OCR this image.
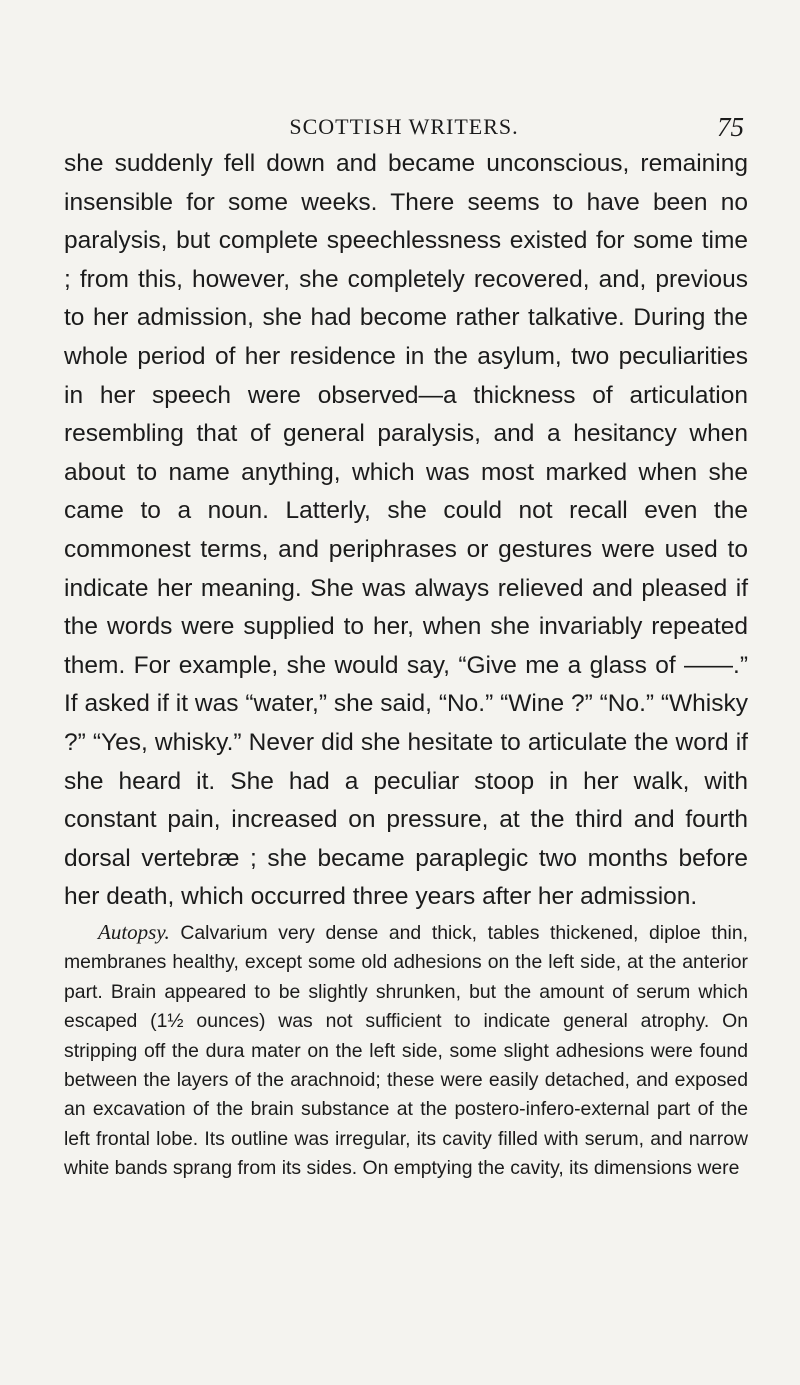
SCOTTISH WRITERS.	75

she suddenly fell down and became unconscious, remaining insensible for some weeks. There seems to have been no paralysis, but complete speechlessness existed for some time ; from this, however, she completely recovered, and, previous to her admission, she had become rather talkative. During the whole period of her residence in the asylum, two peculiarities in her speech were observed—a thickness of articulation resembling that of general paralysis, and a hesitancy when about to name anything, which was most marked when she came to a noun. Latterly, she could not recall even the commonest terms, and periphrases or gestures were used to indicate her meaning. She was always relieved and pleased if the words were supplied to her, when she invariably repeated them. For example, she would say, “Give me a glass of ——.” If asked if it was “water,” she said, “No.” “Wine ?” “No.” “Whisky ?” “Yes, whisky.” Never did she hesitate to articulate the word if she heard it. She had a peculiar stoop in her walk, with constant pain, increased on pressure, at the third and fourth dorsal vertebræ ; she became paraplegic two months before her death, which occurred three years after her admission.

Autopsy. Calvarium very dense and thick, tables thickened, diploe thin, membranes healthy, except some old adhesions on the left side, at the anterior part. Brain appeared to be slightly shrunken, but the amount of serum which escaped (1½ ounces) was not sufficient to indicate general atrophy. On stripping off the dura mater on the left side, some slight adhesions were found between the layers of the arachnoid; these were easily detached, and exposed an excavation of the brain substance at the postero-infero-external part of the left frontal lobe. Its outline was irregular, its cavity filled with serum, and narrow white bands sprang from its sides. On emptying the cavity, its dimensions were
